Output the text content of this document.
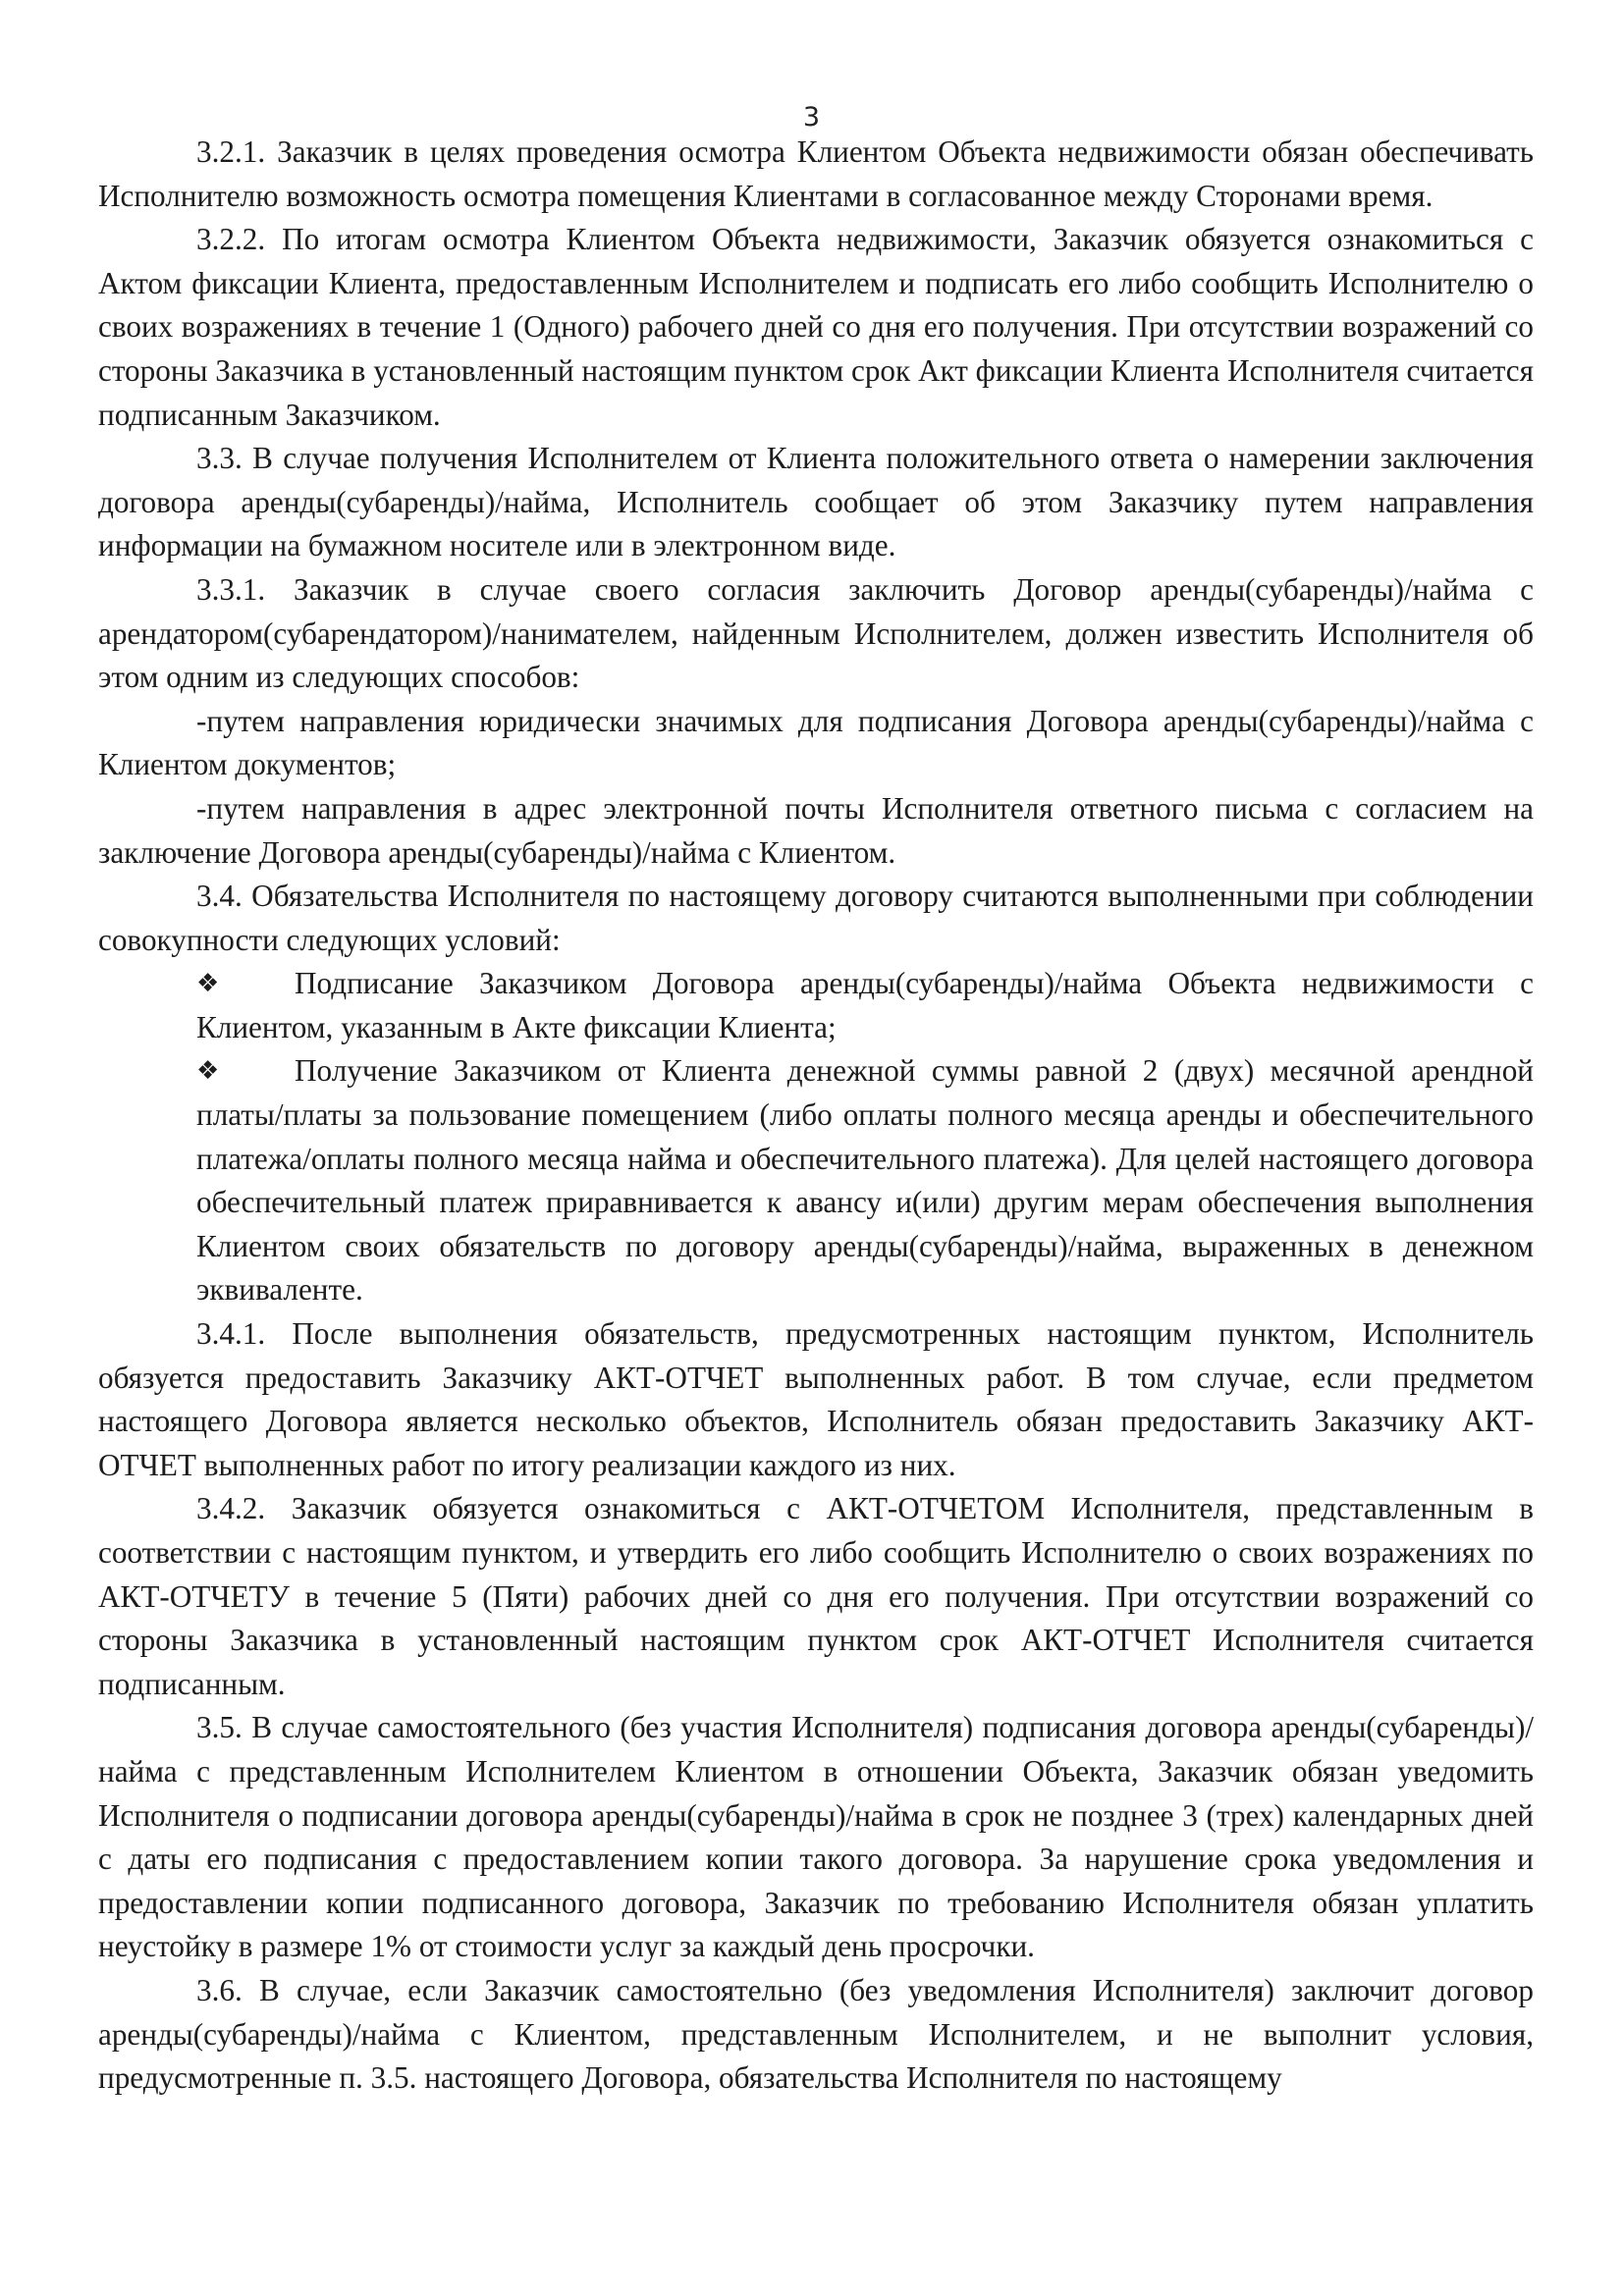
3

3.2.1. Заказчик в целях проведения осмотра Клиентом Объекта недвижимости обязан обеспечивать Исполнителю возможность осмотра помещения Клиентами в согласованное между Сторонами время.

3.2.2. По итогам осмотра Клиентом Объекта недвижимости, Заказчик обязуется ознакомиться с Актом фиксации Клиента, предоставленным Исполнителем и подписать его либо сообщить Исполнителю о своих возражениях в течение 1 (Одного) рабочего дней со дня его получения. При отсутствии возражений со стороны Заказчика в установленный настоящим пунктом срок Акт фиксации Клиента Исполнителя считается подписанным Заказчиком.

3.3. В случае получения Исполнителем от Клиента положительного ответа о намерении заключения договора аренды(субаренды)/найма, Исполнитель сообщает об этом Заказчику путем направления информации на бумажном носителе или в электронном виде.

3.3.1. Заказчик в случае своего согласия заключить Договор аренды(субаренды)/найма с арендатором(субарендатором)/нанимателем, найденным Исполнителем, должен известить Исполнителя об этом одним из следующих способов:

-путем направления юридически значимых для подписания Договора аренды(субаренды)/найма с Клиентом документов;

-путем направления в адрес электронной почты Исполнителя ответного письма с согласием на заключение Договора аренды(субаренды)/найма с Клиентом.

3.4. Обязательства Исполнителя по настоящему договору считаются выполненными при соблюдении совокупности следующих условий:

❖	Подписание Заказчиком Договора аренды(субаренды)/найма Объекта недвижимости с Клиентом, указанным в Акте фиксации Клиента;
❖	Получение Заказчиком от Клиента денежной суммы равной 2 (двух) месячной арендной платы/платы за пользование помещением (либо оплаты полного месяца аренды и обеспечительного платежа/оплаты полного месяца найма и обеспечительного платежа). Для целей настоящего договора обеспечительный платеж приравнивается к авансу и(или) другим мерам обеспечения выполнения Клиентом своих обязательств по договору аренды(субаренды)/найма, выраженных в денежном эквиваленте.

3.4.1. После выполнения обязательств, предусмотренных настоящим пунктом, Исполнитель обязуется предоставить Заказчику АКТ-ОТЧЕТ выполненных работ. В том случае, если предметом настоящего Договора является несколько объектов, Исполнитель обязан предоставить Заказчику АКТ-ОТЧЕТ выполненных работ по итогу реализации каждого из них.

3.4.2. Заказчик обязуется ознакомиться с АКТ-ОТЧЕТОМ Исполнителя, представленным в соответствии с настоящим пунктом, и утвердить его либо сообщить Исполнителю о своих возражениях по АКТ-ОТЧЕТУ в течение 5 (Пяти) рабочих дней со дня его получения. При отсутствии возражений со стороны Заказчика в установленный настоящим пунктом срок АКТ-ОТЧЕТ Исполнителя считается подписанным.

3.5. В случае самостоятельного (без участия Исполнителя) подписания договора аренды(субаренды)/найма с представленным Исполнителем Клиентом в отношении Объекта, Заказчик обязан уведомить Исполнителя о подписании договора аренды(субаренды)/найма в срок не позднее 3 (трех) календарных дней с даты его подписания с предоставлением копии такого договора. За нарушение срока уведомления и предоставлении копии подписанного договора, Заказчик по требованию Исполнителя обязан уплатить неустойку в размере 1% от стоимости услуг за каждый день просрочки.

3.6. В случае, если Заказчик самостоятельно (без уведомления Исполнителя) заключит договор аренды(субаренды)/найма с Клиентом, представленным Исполнителем, и не выполнит условия, предусмотренные п. 3.5. настоящего Договора, обязательства Исполнителя по настоящему
